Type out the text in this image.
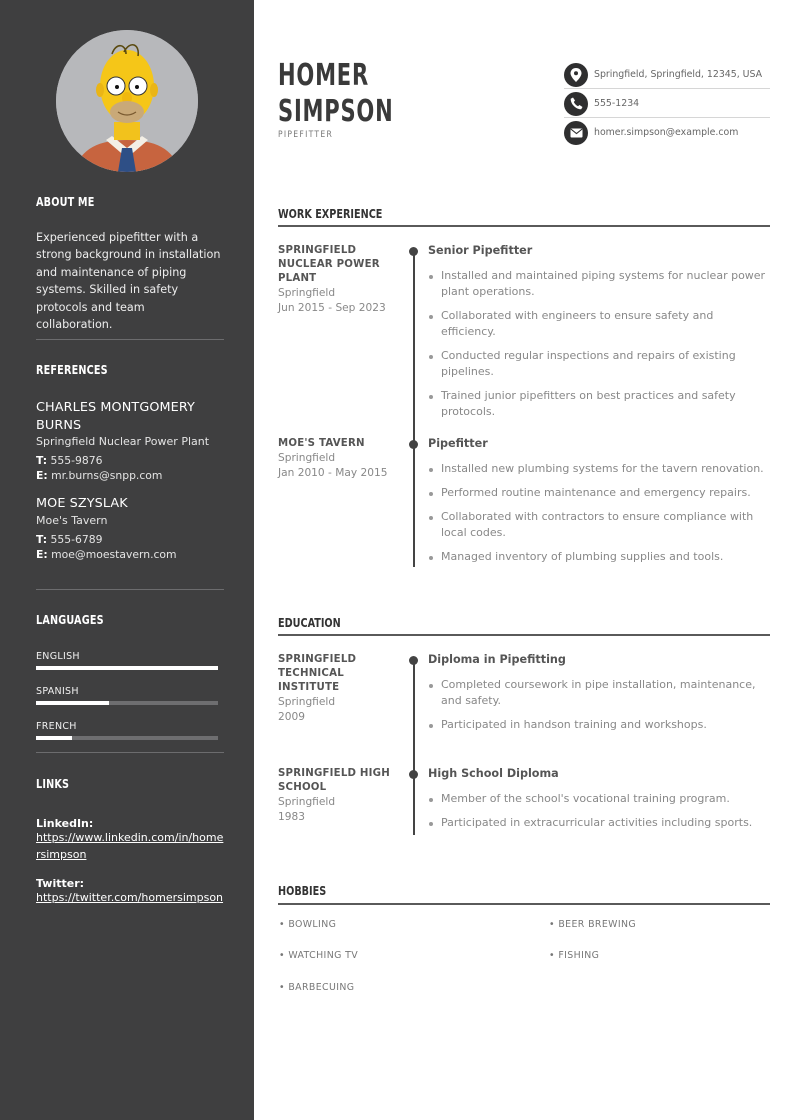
ABOUT ME
Experienced pipefitter with a strong background in installation and maintenance of piping systems. Skilled in safety protocols and team collaboration.
REFERENCES
CHARLES MONTGOMERY BURNS
Springfield Nuclear Power Plant
T: 555-9876
E: mr.burns@snpp.com
MOE SZYSLAK
Moe's Tavern
T: 555-6789
E: moe@moestavern.com
LANGUAGES
ENGLISH
SPANISH
FRENCH
LINKS
LinkedIn:
https://www.linkedin.com/in/homersimpson
Twitter:
https://twitter.com/homersimpson
HOMER
SIMPSON
PIPEFITTER
Springfield, Springfield, 12345, USA
555-1234
homer.simpson@example.com
WORK EXPERIENCE
SPRINGFIELD NUCLEAR POWER PLANT
Springfield
Jun 2015 - Sep 2023
Senior Pipefitter
Installed and maintained piping systems for nuclear power plant operations.
Collaborated with engineers to ensure safety and efficiency.
Conducted regular inspections and repairs of existing pipelines.
Trained junior pipefitters on best practices and safety protocols.
MOE'S TAVERN
Springfield
Jan 2010 - May 2015
Pipefitter
Installed new plumbing systems for the tavern renovation.
Performed routine maintenance and emergency repairs.
Collaborated with contractors to ensure compliance with local codes.
Managed inventory of plumbing supplies and tools.
EDUCATION
SPRINGFIELD TECHNICAL INSTITUTE
Springfield
2009
Diploma in Pipefitting
Completed coursework in pipe installation, maintenance, and safety.
Participated in handson training and workshops.
SPRINGFIELD HIGH SCHOOL
Springfield
1983
High School Diploma
Member of the school's vocational training program.
Participated in extracurricular activities including sports.
HOBBIES
• BOWLING	• BEER BREWING
• WATCHING TV	• FISHING
• BARBECUING
